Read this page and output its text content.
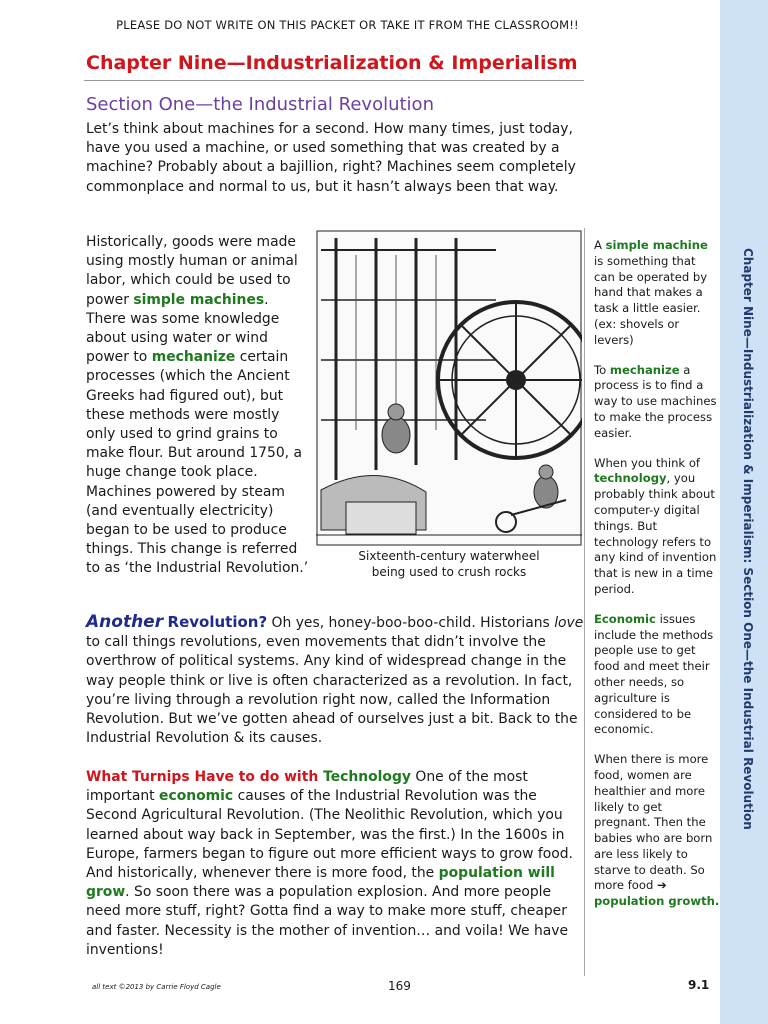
PLEASE DO NOT WRITE ON THIS PACKET OR TAKE IT FROM THE CLASSROOM!!
Chapter Nine—Industrialization & Imperialism
Section One—the Industrial Revolution
Let’s think about machines for a second. How many times, just today, have you used a machine, or used something that was created by a machine? Probably about a bajillion, right? Machines seem completely commonplace and normal to us, but it hasn’t always been that way.
Historically, goods were made using mostly human or animal labor, which could be used to power simple machines. There was some knowledge about using water or wind power to mechanize certain processes (which the Ancient Greeks had figured out), but these methods were mostly only used to grind grains to make flour. But around 1750, a huge change took place. Machines powered by steam (and eventually electricity) began to be used to produce things. This change is referred to as ‘the Industrial Revolution.’
Sixteenth-century waterwheel
being used to crush rocks
Another Revolution? Oh yes, honey-boo-boo-child. Historians love to call things revolutions, even movements that didn’t involve the overthrow of political systems. Any kind of widespread change in the way people think or live is often characterized as a revolution. In fact, you’re living through a revolution right now, called the Information Revolution. But we’ve gotten ahead of ourselves just a bit. Back to the Industrial Revolution & its causes.
What Turnips Have to do with Technology One of the most important economic causes of the Industrial Revolution was the Second Agricultural Revolution. (The Neolithic Revolution, which you learned about way back in September, was the first.) In the 1600s in Europe, farmers began to figure out more efficient ways to grow food. And historically, whenever there is more food, the population will grow. So soon there was a population explosion. And more people need more stuff, right? Gotta find a way to make more stuff, cheaper and faster. Necessity is the mother of invention… and voila! We have inventions!

A simple machine is something that can be operated by hand that makes a task a little easier. (ex: shovels or levers)

To mechanize a process is to find a way to use machines to make the process easier.

When you think of technology, you probably think about computer-y digital things. But technology refers to any kind of invention that is new in a time period.

Economic issues include the methods people use to get food and meet their other needs, so agriculture is considered to be economic.

When there is more food, women are healthier and more likely to get pregnant. Then the babies who are born are less likely to starve to death. So more food ➔ population growth.

Chapter Nine—Industrialization & Imperialism: Section One—the Industrial Revolution
all text ©2013 by Carrie Floyd Cagle	169	9.1
